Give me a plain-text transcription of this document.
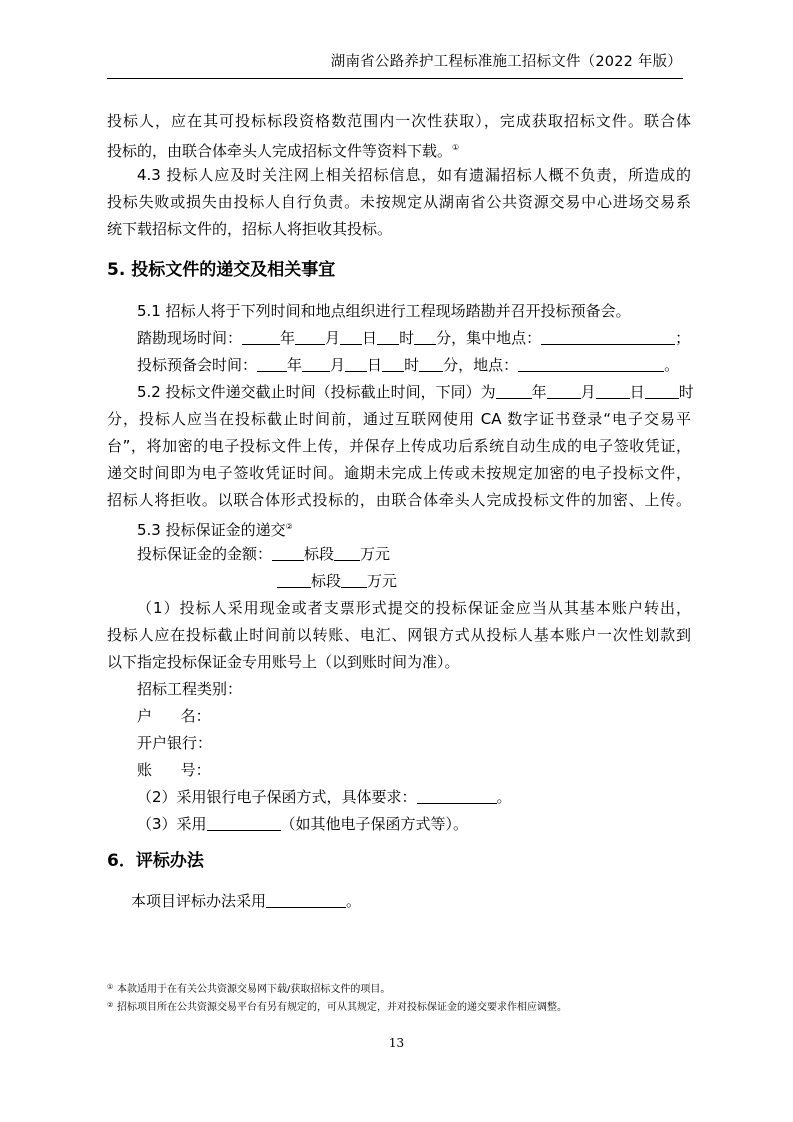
湖南省公路养护工程标准施工招标文件（2022 年版）
投标人，应在其可投标标段资格数范围内一次性获取），完成获取招标文件。联合体
投标的，由联合体牵头人完成招标文件等资料下载。①
4.3 投标人应及时关注网上相关招标信息，如有遗漏招标人概不负责，所造成的
投标失败或损失由投标人自行负责。未按规定从湖南省公共资源交易中心进场交易系
统下载招标文件的，招标人将拒收其投标。
5. 投标文件的递交及相关事宜
5.1 招标人将于下列时间和地点组织进行工程现场踏勘并召开投标预备会。
踏勘现场时间：	年 月 日 时 分，集中地点：	；
投标预备会时间： 年 月 日 时 分，地点：	。
5.2 投标文件递交截止时间（投标截止时间，下同）为 年 月 日 时
分，投标人应当在投标截止时间前，通过互联网使用 CA 数字证书登录“电子交易平
台”，将加密的电子投标文件上传，并保存上传成功后系统自动生成的电子签收凭证，
递交时间即为电子签收凭证时间。逾期未完成上传或未按规定加密的电子投标文件，
招标人将拒收。以联合体形式投标的，由联合体牵头人完成投标文件的加密、上传。
5.3 投标保证金的递交②
投标保证金的金额： 标段 万元
标段 万元
（1）投标人采用现金或者支票形式提交的投标保证金应当从其基本账户转出，
投标人应在投标截止时间前以转账、电汇、网银方式从投标人基本账户一次性划款到
以下指定投标保证金专用账号上（以到账时间为准）。
招标工程类别：
户      名：
开户银行：
账      号：
（2）采用银行电子保函方式，具体要求：	。
（3）采用	（如其他电子保函方式等）。
6．评标办法
本项目评标办法采用	。
① 本款适用于在有关公共资源交易网下载/获取招标文件的项目。
② 招标项目所在公共资源交易平台有另有规定的，可从其规定，并对投标保证金的递交要求作相应调整。
13
